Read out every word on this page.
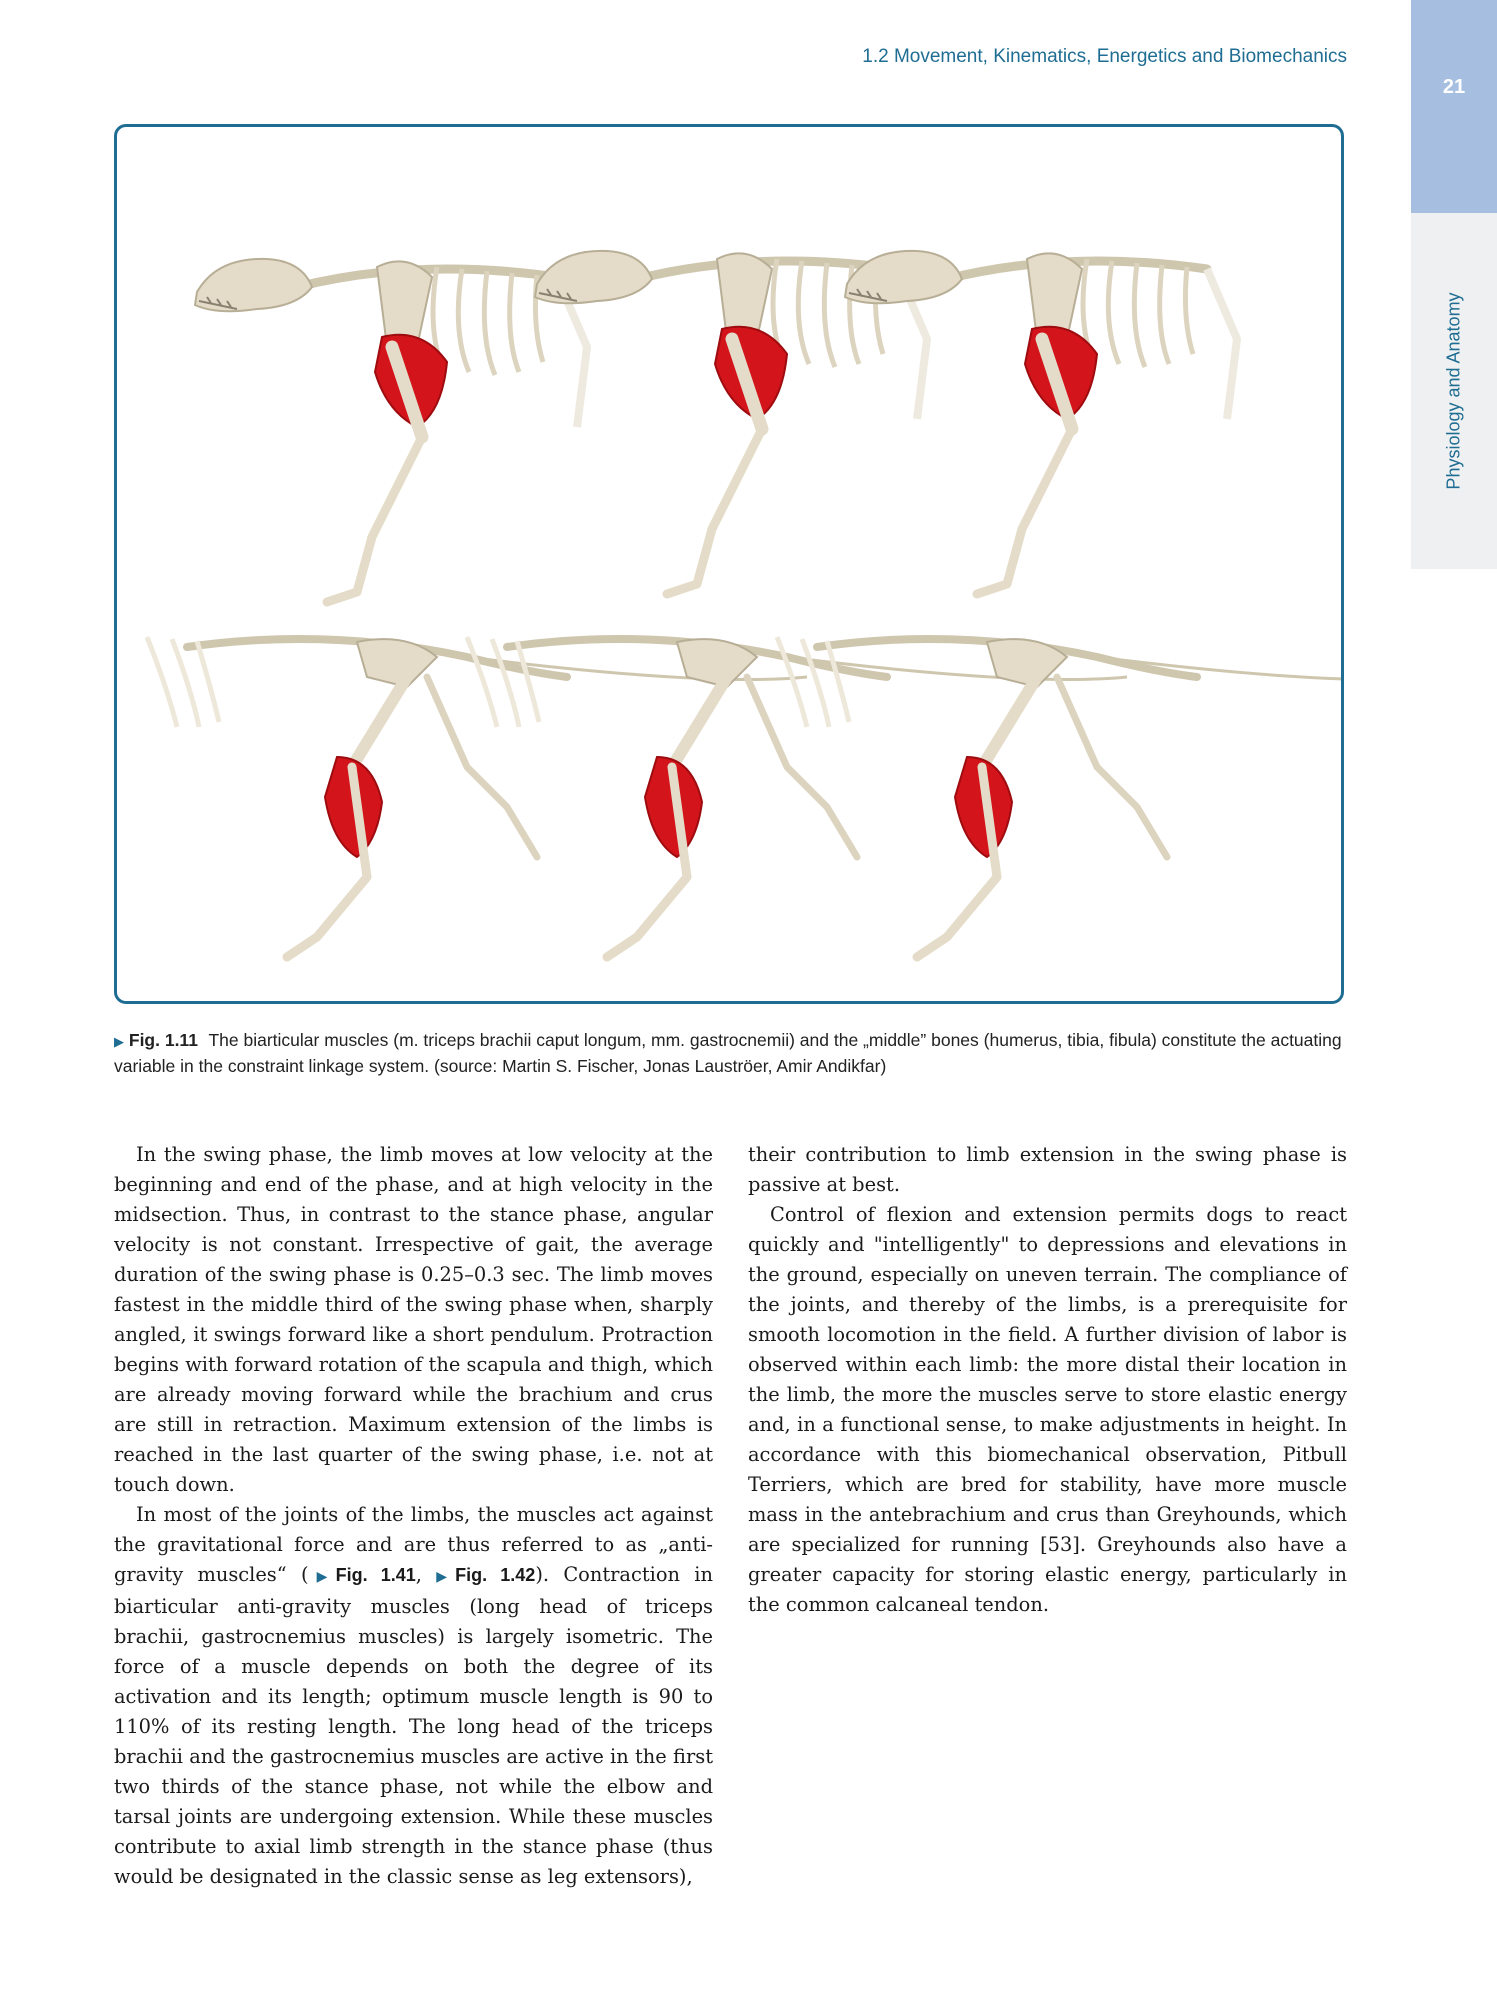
1.2 Movement, Kinematics, Energetics and Biomechanics
21
Physiology and Anatomy
▶ Fig. 1.11 The biarticular muscles (m. triceps brachii caput longum, mm. gastrocnemii) and the „middle” bones (humerus, tibia, fibula) constitute the actuating variable in the constraint linkage system. (source: Martin S. Fischer, Jonas Lauströer, Amir Andikfar)

In the swing phase, the limb moves at low velocity at the beginning and end of the phase, and at high velocity in the midsection. Thus, in contrast to the stance phase, angular velocity is not constant. Irrespective of gait, the average duration of the swing phase is 0.25–0.3 sec. The limb moves fastest in the middle third of the swing phase when, sharply angled, it swings forward like a short pendulum. Protraction begins with forward rotation of the scapula and thigh, which are already moving forward while the brachium and crus are still in retraction. Maximum extension of the limbs is reached in the last quarter of the swing phase, i.e. not at touch down.

In most of the joints of the limbs, the muscles act against the gravitational force and are thus referred to as „anti-gravity muscles“ (▶Fig. 1.41, ▶Fig. 1.42). Contraction in biarticular anti-gravity muscles (long head of triceps brachii, gastrocnemius muscles) is largely isometric. The force of a muscle depends on both the degree of its activation and its length; optimum muscle length is 90 to 110% of its resting length. The long head of the triceps brachii and the gastrocnemius muscles are active in the first two thirds of the stance phase, not while the elbow and tarsal joints are undergoing extension. While these muscles contribute to axial limb strength in the stance phase (thus would be designated in the classic sense as leg extensors),

their contribution to limb extension in the swing phase is passive at best.

Control of flexion and extension permits dogs to react quickly and "intelligently" to depressions and elevations in the ground, especially on uneven terrain. The compliance of the joints, and thereby of the limbs, is a prerequisite for smooth locomotion in the field. A further division of labor is observed within each limb: the more distal their location in the limb, the more the muscles serve to store elastic energy and, in a functional sense, to make adjustments in height. In accordance with this biomechanical observation, Pitbull Terriers, which are bred for stability, have more muscle mass in the antebrachium and crus than Greyhounds, which are specialized for running [53]. Greyhounds also have a greater capacity for storing elastic energy, particularly in the common calcaneal tendon.
